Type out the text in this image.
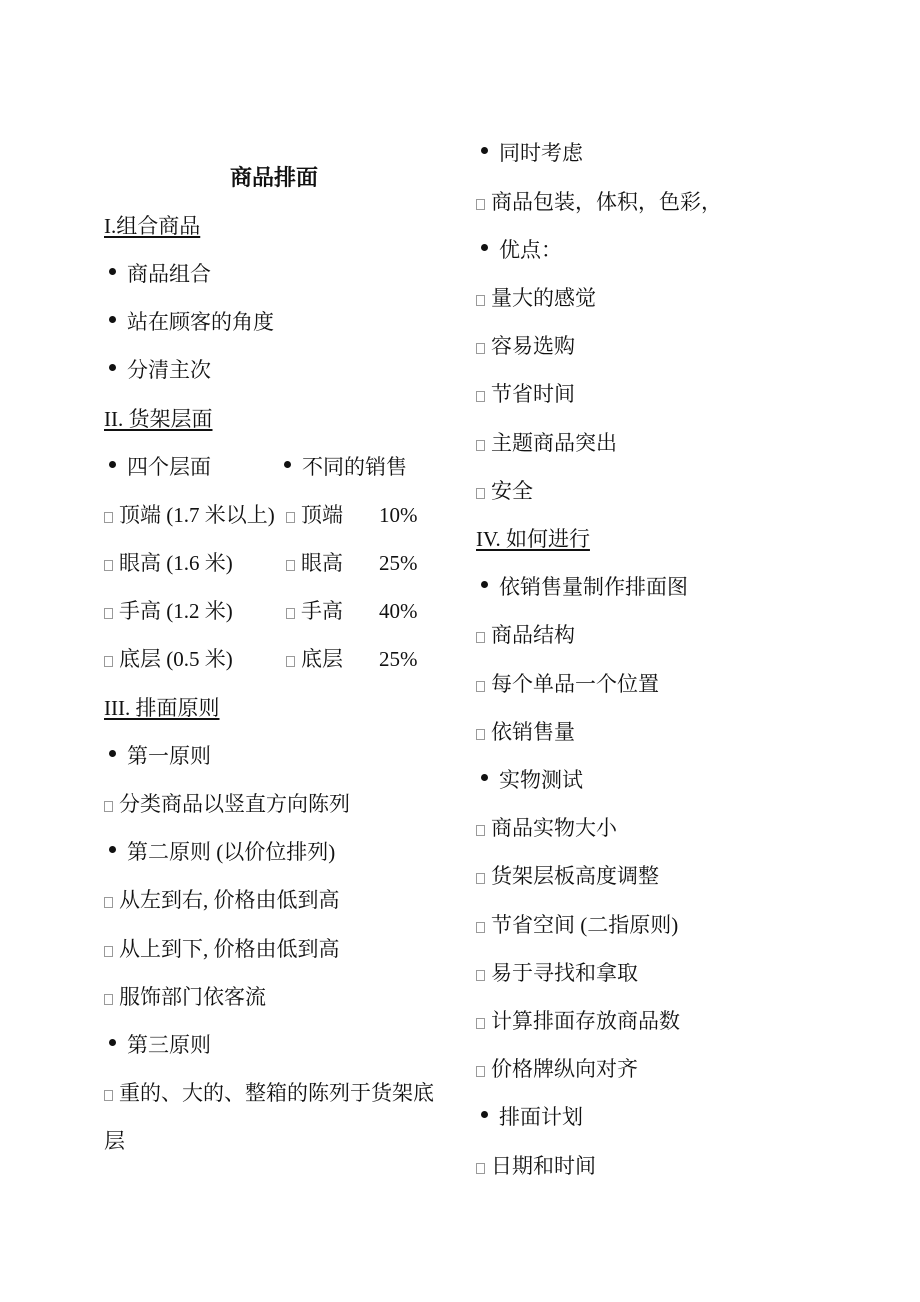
商品排面
I.组合商品
商品组合
站在顾客的角度
分清主次
II. 货架层面
四个层面	不同的销售
顶端 (1.7 米以上)	顶端 10%
眼高 (1.6 米)	眼高 25%
手高 (1.2 米)	手高 40%
底层 (0.5 米)	底层 25%
III. 排面原则
第一原则
分类商品以竖直方向陈列
第二原则 (以价位排列)
从左到右, 价格由低到高
从上到下, 价格由低到高
服饰部门依客流
第三原则
重的、大的、整箱的陈列于货架底
层
同时考虑
商品包装，体积，色彩，
优点：
量大的感觉
容易选购
节省时间
主题商品突出
安全
IV. 如何进行
依销售量制作排面图
商品结构
每个单品一个位置
依销售量
实物测试
商品实物大小
货架层板高度调整
节省空间 (二指原则)
易于寻找和拿取
计算排面存放商品数
价格牌纵向对齐
排面计划
日期和时间
